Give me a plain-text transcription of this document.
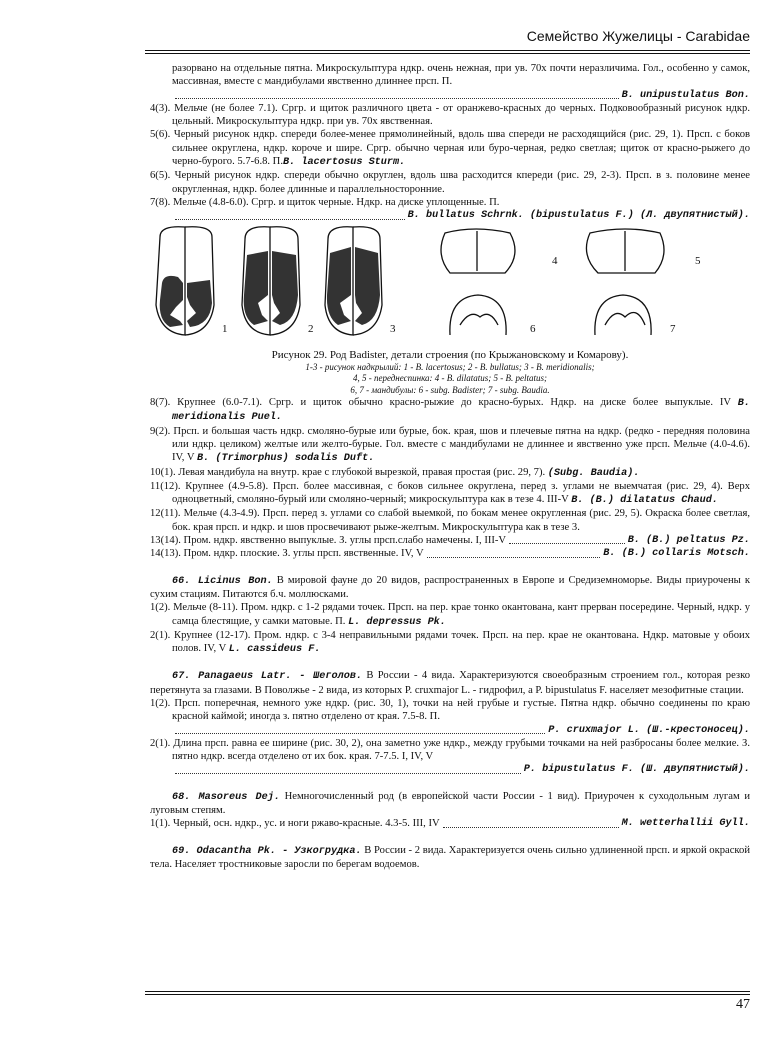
Семейство Жужелицы - Carabidae

разорвано на отдельные пятна. Микроскульптура ндкр. очень нежная, при ув. 70х почти неразличима. Гол., особенно у самок, массивная, вместе с мандибулами явственно длиннее прсп. П.

B. unipustulatus Bon.

4(3). Мельче (не более 7.1). Сргр. и щиток различного цвета - от оранжево-красных до черных. Подковообразный рисунок ндкр. цельный. Микроскульптура ндкр. при ув. 70х явственная.

5(6). Черный рисунок ндкр. спереди более-менее прямолинейный, вдоль шва спереди не расходящийся (рис. 29, 1). Прсп. с боков сильнее округлена, ндкр. короче и шире. Сргр. обычно черная или буро-черная, редко светлая; щиток от красно-рыжего до черно-бурого. 5.7-6.8. П.B. lacertosus Sturm.

6(5). Черный рисунок ндкр. спереди обычно округлен, вдоль шва расходится кпереди (рис. 29, 2-3). Прсп. в з. половине менее округленная, ндкр. более длинные и параллельносторонние.

7(8). Мельче (4.8-6.0). Сргр. и щиток черные. Ндкр. на диске уплощенные. П.

B. bullatus Schrnk. (bipustulatus F.) (Л. двупятнистый).
1	2	3
4	5
6	7
Рисунок 29. Род Badister, детали строения (по Крыжановскому и Комарову).
1-3 - рисунок надкрылий: 1 - B. lacertosus; 2 - B. bullatus; 3 - B. meridionalis;
4, 5 - переднеспинка: 4 - B. dilatatus; 5 - B. peltatus;
6, 7 - мандибулы: 6 - subg. Badister; 7 - subg. Baudia.

8(7). Крупнее (6.0-7.1). Сргр. и щиток обычно красно-рыжие до красно-бурых. Ндкр. на диске более выпуклые. IV B. meridionalis Puel.

9(2). Прсп. и большая часть ндкр. смоляно-бурые или бурые, бок. края, шов и плечевые пятна на ндкр. (редко - передняя половина или ндкр. целиком) желтые или желто-бурые. Гол. вместе с мандибулами не длиннее и явственно уже прсп. Мельче (4.0-4.6). IV, V B. (Trimorphus) sodalis Duft.

10(1). Левая мандибула на внутр. крае с глубокой вырезкой, правая простая (рис. 29, 7). (Subg. Baudia).

11(12). Крупнее (4.9-5.8). Прсп. более массивная, с боков сильнее округлена, перед з. углами не выемчатая (рис. 29, 4). Верх одноцветный, смоляно-бурый или смоляно-черный; микроскульптура как в тезе 4. III-V B. (B.) dilatatus Chaud.

12(11). Мельче (4.3-4.9). Прсп. перед з. углами со слабой выемкой, по бокам менее округленная (рис. 29, 5). Окраска более светлая, бок. края прсп. и ндкр. и шов просвечивают рыже-желтым. Микроскульптура как в тезе 3.

13(14). Пром. ндкр. явственно выпуклые. З. углы прсп.слабо намечены. I, III-V	B. (B.) peltatus Pz.
14(13). Пром. ндкр. плоские. З. углы прсп. явственные. IV, V	B. (B.) collaris Motsch.

66. Licinus Bon. В мировой фауне до 20 видов, распространенных в Европе и Средиземноморье. Виды приурочены к сухим стациям. Питаются б.ч. моллюсками.

1(2). Мельче (8-11). Пром. ндкр. с 1-2 рядами точек. Прсп. на пер. крае тонко окантована, кант прерван посередине. Черный, ндкр. у самца блестящие, у самки матовые. П. L. depressus Pk.

2(1). Крупнее (12-17). Пром. ндкр. с 3-4 неправильными рядами точек. Прсп. на пер. крае не окантована. Ндкр. матовые у обоих полов. IV, V L. cassideus F.

67. Panagaeus Latr. - Шеголов. В России - 4 вида. Характеризуются своеобразным строением гол., которая резко перетянута за глазами. В Поволжье - 2 вида, из которых P. cruxmajor L. - гидрофил, а P. bipustulatus F. населяет мезофитные стации.

1(2). Прсп. поперечная, немного уже ндкр. (рис. 30, 1), точки на ней грубые и густые. Пятна ндкр. обычно соединены по краю красной каймой; иногда з. пятно отделено от края. 7.5-8. П.

P. cruxmajor L. (Ш.-крестоносец).

2(1). Длина прсп. равна ее ширине (рис. 30, 2), она заметно уже ндкр., между грубыми точками на ней разбросаны более мелкие. З. пятно ндкр. всегда отделено от их бок. края. 7-7.5. I, IV, V

P. bipustulatus F. (Ш. двупятнистый).

68. Masoreus Dej. Немногочисленный род (в европейской части России - 1 вид). Приурочен к суходольным лугам и луговым степям.

1(1). Черный, осн. ндкр., ус. и ноги ржаво-красные. 4.3-5. III, IV	M. wetterhallii Gyll.

69. Odacantha Pk. - Узкогрудка. В России - 2 вида. Характеризуется очень сильно удлиненной прсп. и яркой окраской тела. Населяет тростниковые заросли по берегам водоемов.

47
